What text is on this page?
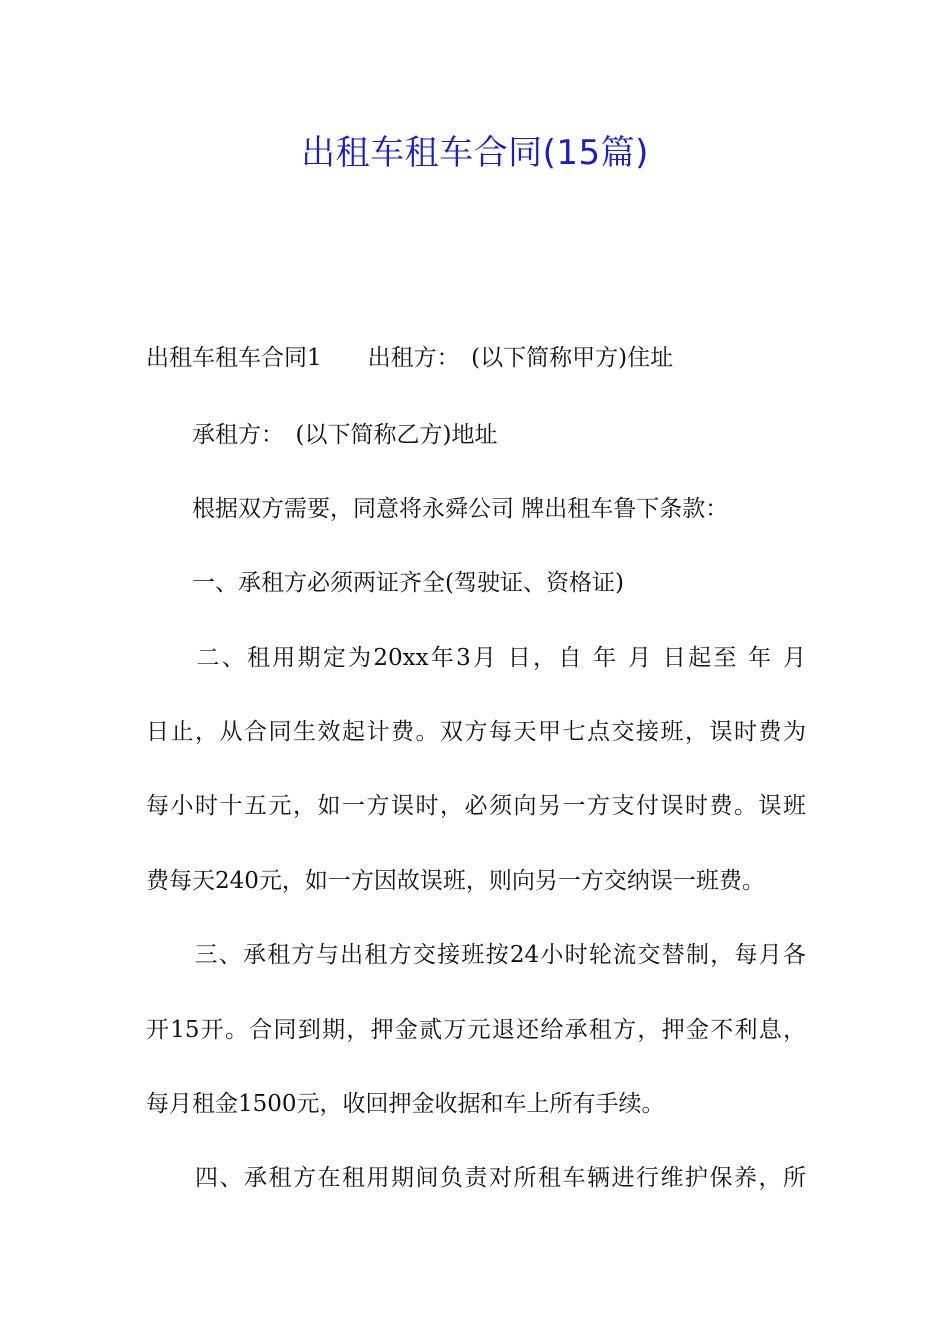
出租车租车合同(15篇)
出租车租车合同1　　出租方：　(以下简称甲方)住址
　　承租方：　(以下简称乙方)地址
　　根据双方需要，同意将永舜公司 牌出租车鲁下条款：
　　一、承租方必须两证齐全(驾驶证、资格证)
　　二、租用期定为20xx年3月 日，自 年 月 日起至 年 月
日止，从合同生效起计费。双方每天甲七点交接班，误时费为
每小时十五元，如一方误时，必须向另一方支付误时费。误班
费每天240元，如一方因故误班，则向另一方交纳误一班费。
　　三、承租方与出租方交接班按24小时轮流交替制，每月各
开15开。合同到期，押金贰万元退还给承租方，押金不利息，
每月租金1500元，收回押金收据和车上所有手续。
　　四、承租方在租用期间负责对所租车辆进行维护保养，所
